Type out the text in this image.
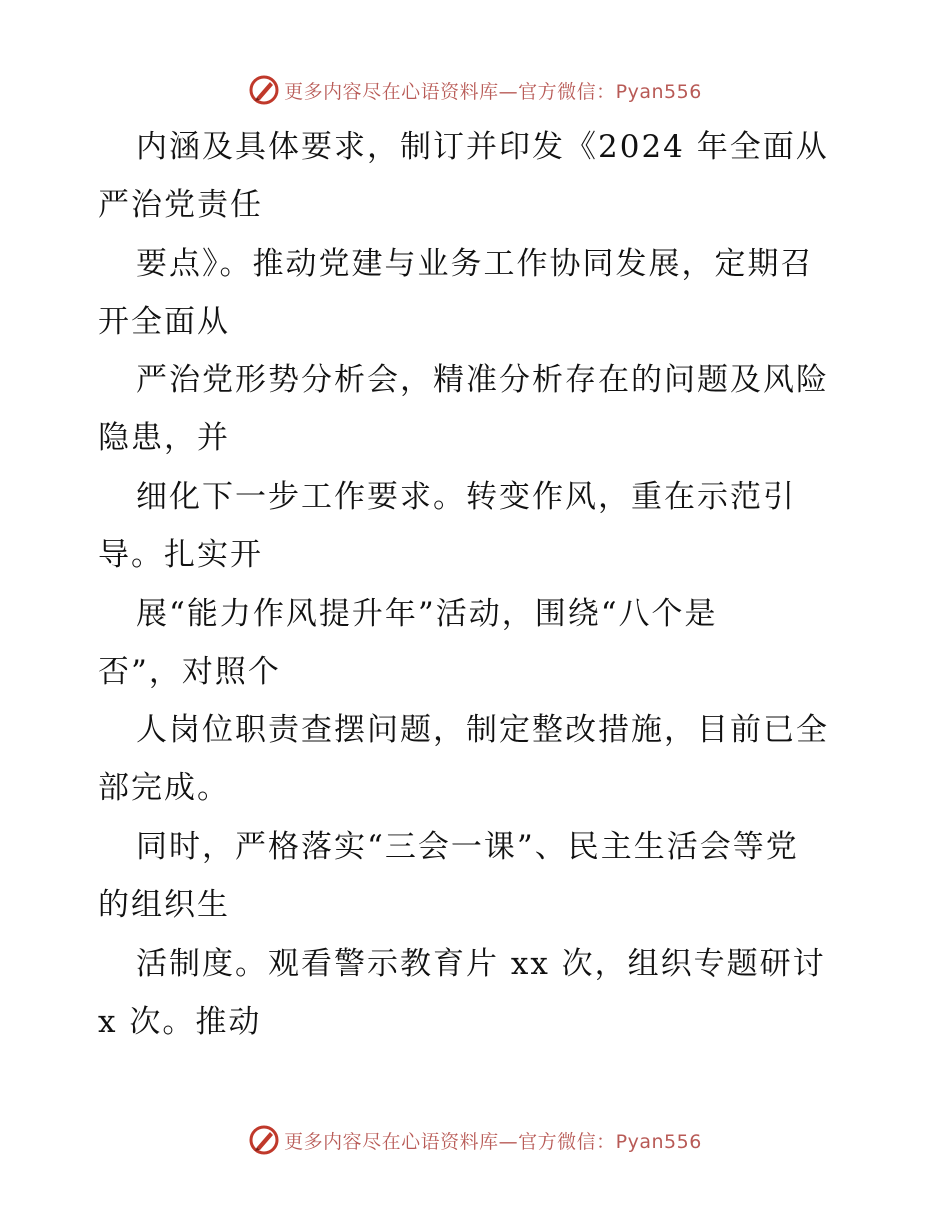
更多内容尽在心语资料库—官方微信：Pyan556
内涵及具体要求，制订并印发《2024 年全面从
严治党责任
要点》。推动党建与业务工作协同发展，定期召
开全面从
严治党形势分析会，精准分析存在的问题及风险
隐患，并
细化下一步工作要求。转变作风，重在示范引
导。扎实开
展“能力作风提升年”活动，围绕“八个是
否”，对照个
人岗位职责查摆问题，制定整改措施，目前已全
部完成。
同时，严格落实“三会一课”、民主生活会等党
的组织生
活制度。观看警示教育片 xx 次，组织专题研讨
x 次。推动
更多内容尽在心语资料库—官方微信：Pyan556
